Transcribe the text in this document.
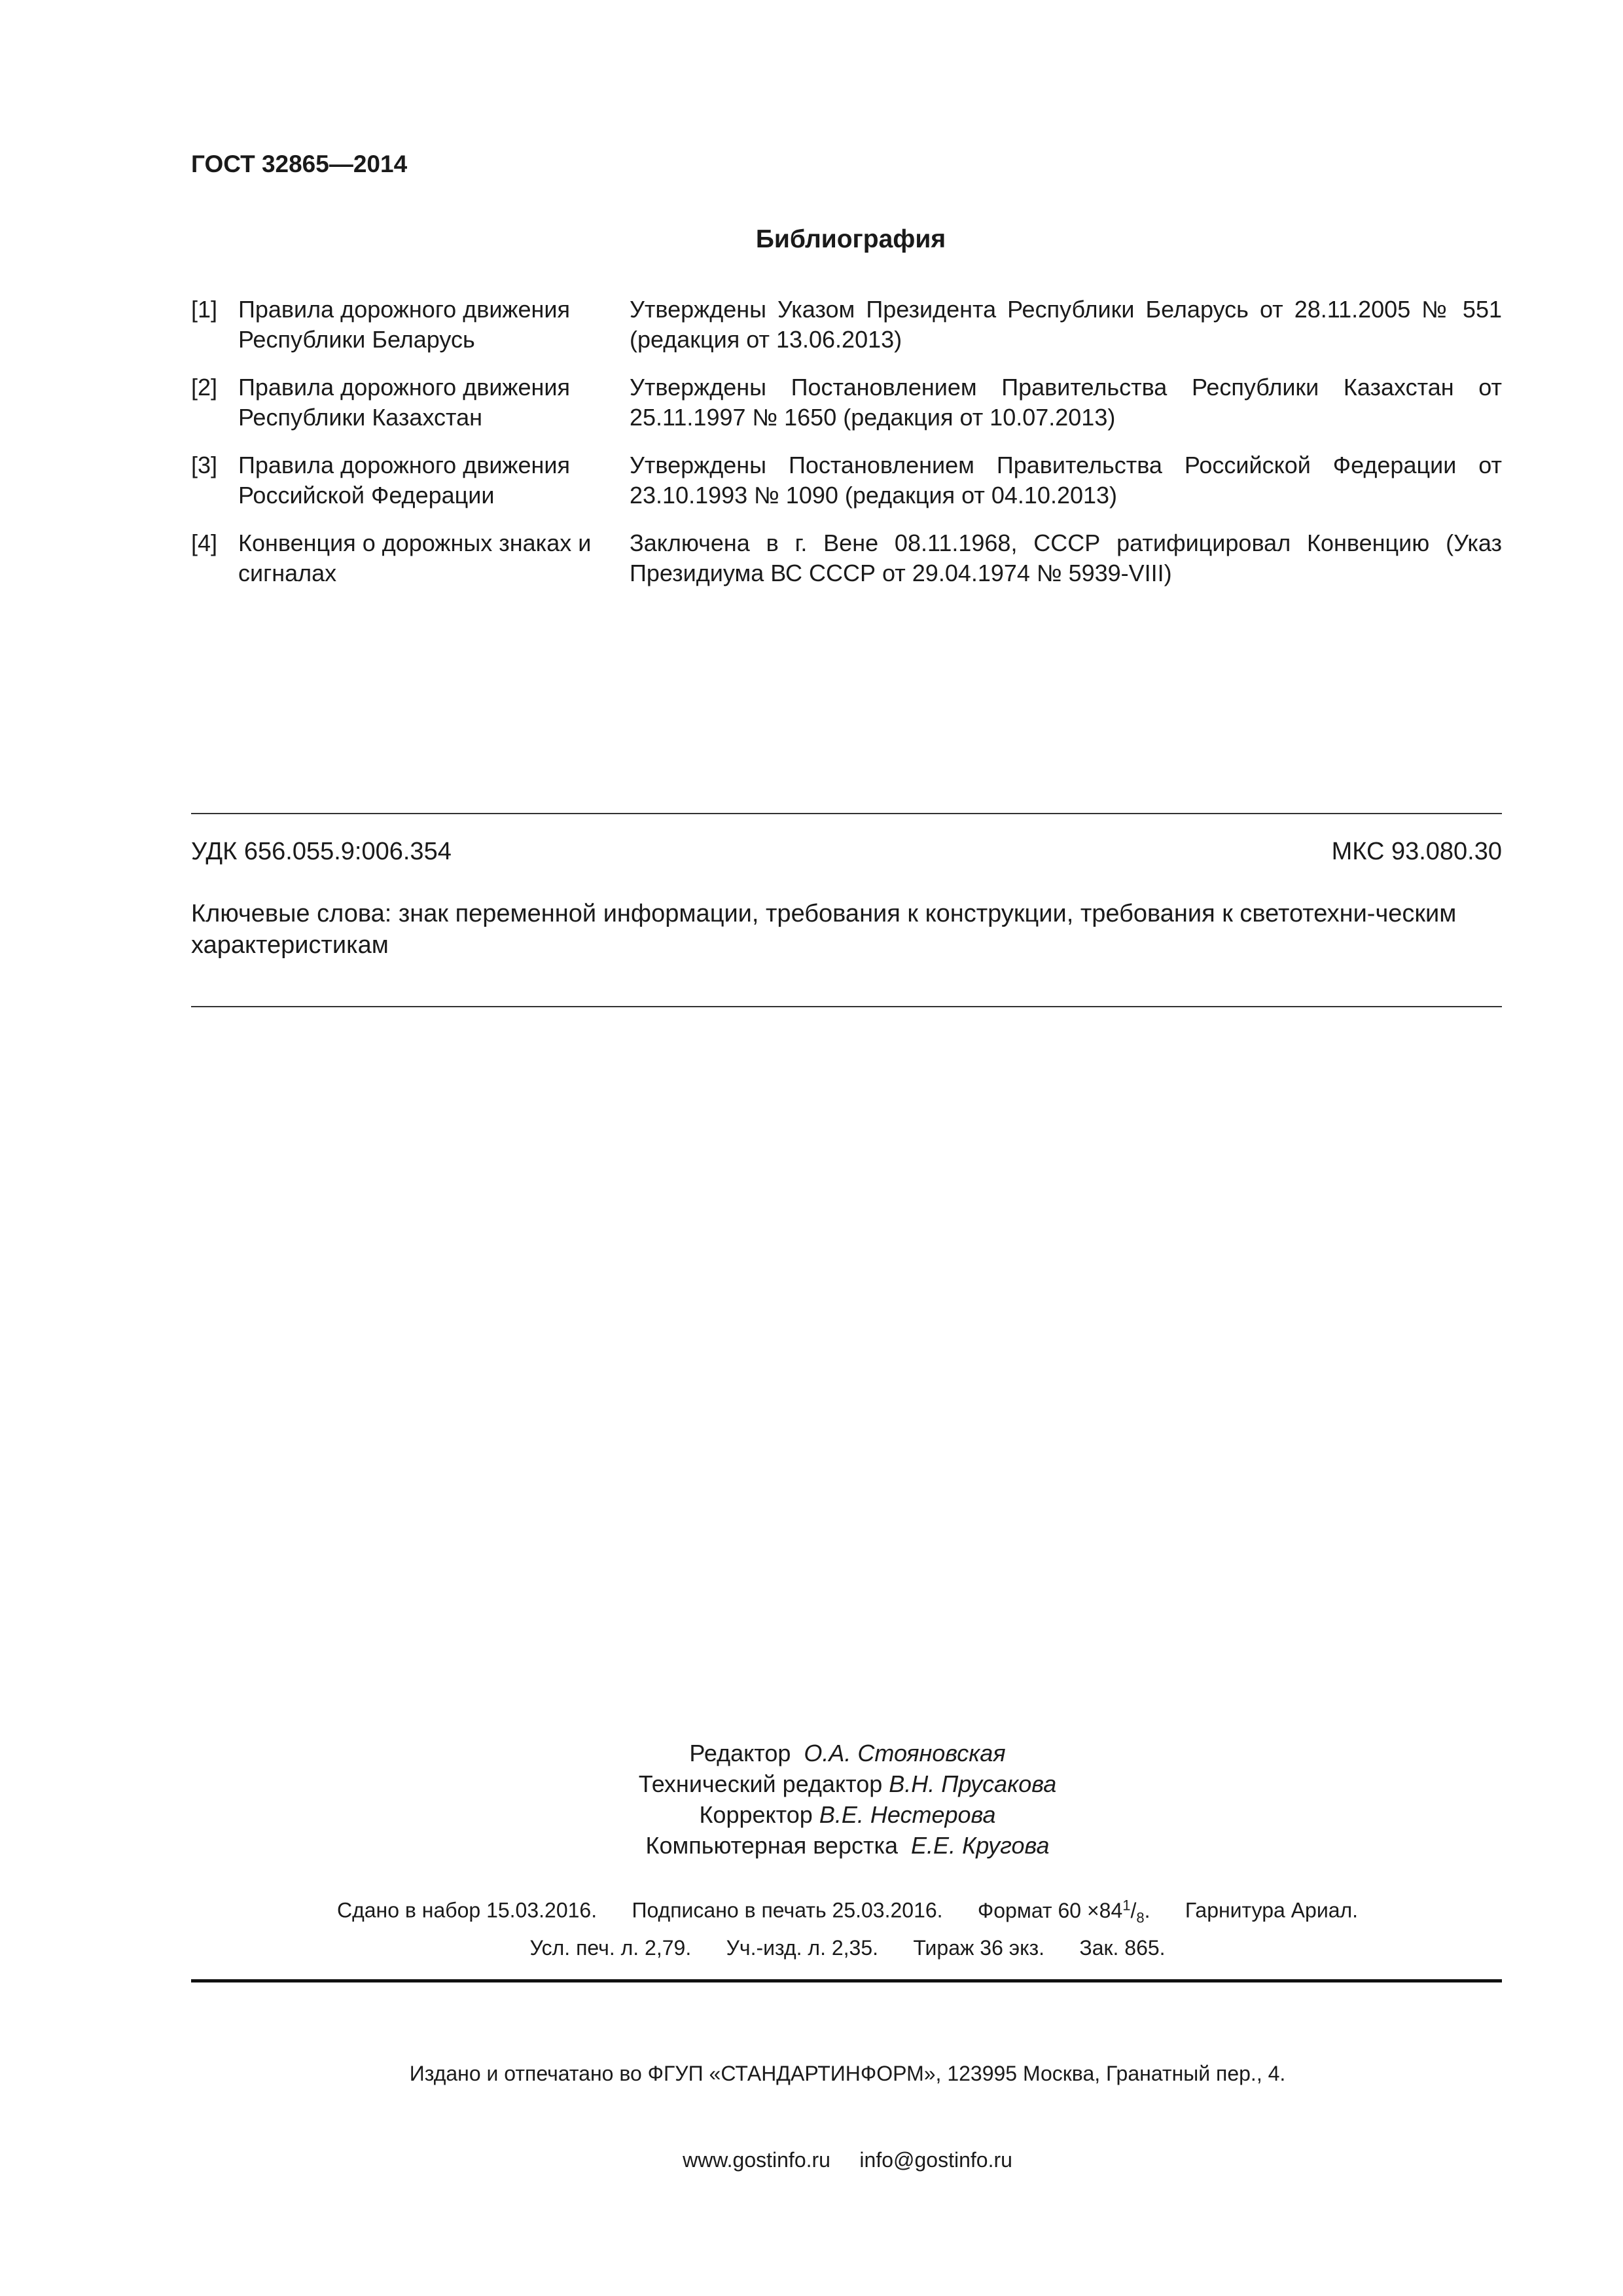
ГОСТ 32865—2014
Библиография
[1] Правила дорожного движения Республики Беларусь
Утверждены Указом Президента Республики Беларусь от 28.11.2005 № 551 (редакция от 13.06.2013)
[2] Правила дорожного движения Республики Казахстан
Утверждены Постановлением Правительства Республики Казахстан от 25.11.1997 № 1650 (редакция от 10.07.2013)
[3] Правила дорожного движения Российской Федерации
Утверждены Постановлением Правительства Российской Федерации от 23.10.1993 № 1090 (редакция от 04.10.2013)
[4] Конвенция о дорожных знаках и сигналах
Заключена в г. Вене 08.11.1968, СССР ратифицировал Конвенцию (Указ Президиума ВС СССР от 29.04.1974 № 5939-VIII)
УДК 656.055.9:006.354	МКС 93.080.30
Ключевые слова: знак переменной информации, требования к конструкции, требования к светотехни-ческим характеристикам
Редактор О.А. Стояновская
Технический редактор В.Н. Прусакова
Корректор В.Е. Нестерова
Компьютерная верстка Е.Е. Кругова
Сдано в набор 15.03.2016. Подписано в печать 25.03.2016. Формат $60 \times 84^1/_8$. Гарнитура Ариал.
Усл. печ. л. 2,79. Уч.-изд. л. 2,35. Тираж 36 экз. Зак. 865.

Издано и отпечатано во ФГУП «СТАНДАРТИНФОРМ», 123995 Москва, Гранатный пер., 4.

www.gostinfo.ru info@gostinfo.ru
